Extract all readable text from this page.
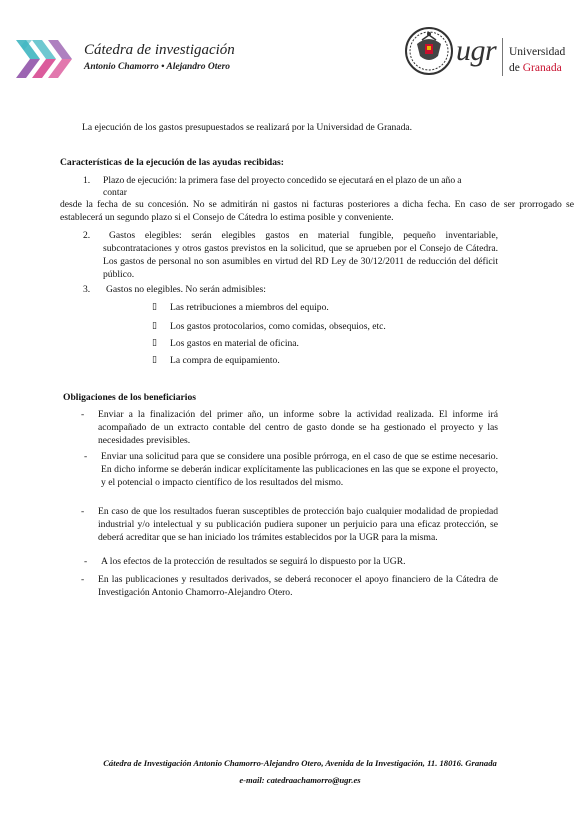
Cátedra de investigación
Antonio Chamorro • Alejandro Otero	ugr Universidad
de Granada
La ejecución de los gastos presupuestados se realizará por la Universidad de Granada.
Características de la ejecución de las ayudas recibidas:
1. Plazo de ejecución: la primera fase del proyecto concedido se ejecutará en el plazo de un año a
contar
desde la fecha de su concesión. No se admitirán ni gastos ni facturas posteriores a dicha fecha. En caso de ser prorrogado se establecerá un segundo plazo si el Consejo de Cátedra lo estima posible y conveniente.
2.	Gastos elegibles: serán elegibles gastos en material fungible, pequeño inventariable, subcontrataciones y otros gastos previstos en la solicitud, que se aprueben por el Consejo de Cátedra. Los gastos de personal no son asumibles en virtud del RD Ley de 30/12/2011 de reducción del déficit público.
3. Gastos no elegibles. No serán admisibles:
▯ Las retribuciones a miembros del equipo.
▯ Los gastos protocolarios, como comidas, obsequios, etc.
▯ Los gastos en material de oficina.
▯ La compra de equipamiento.
Obligaciones de los beneficiarios
- Enviar a la finalización del primer año, un informe sobre la actividad realizada. El informe irá acompañado de un extracto contable del centro de gasto donde se ha gestionado el proyecto y las necesidades previsibles.
- Enviar una solicitud para que se considere una posible prórroga, en el caso de que se estime necesario. En dicho informe se deberán indicar explícitamente las publicaciones en las que se expone el proyecto, y el potencial o impacto científico de los resultados del mismo.
- En caso de que los resultados fueran susceptibles de protección bajo cualquier modalidad de propiedad industrial y/o intelectual y su publicación pudiera suponer un perjuicio para una eficaz protección, se deberá acreditar que se han iniciado los trámites establecidos por la UGR para la misma.
- A los efectos de la protección de resultados se seguirá lo dispuesto por la UGR.
- En las publicaciones y resultados derivados, se deberá reconocer el apoyo financiero de la Cátedra de Investigación Antonio Chamorro-Alejandro Otero.
Cátedra de Investigación Antonio Chamorro-Alejandro Otero, Avenida de la Investigación, 11. 18016. Granada
e-mail: catedraachamorro@ugr.es
